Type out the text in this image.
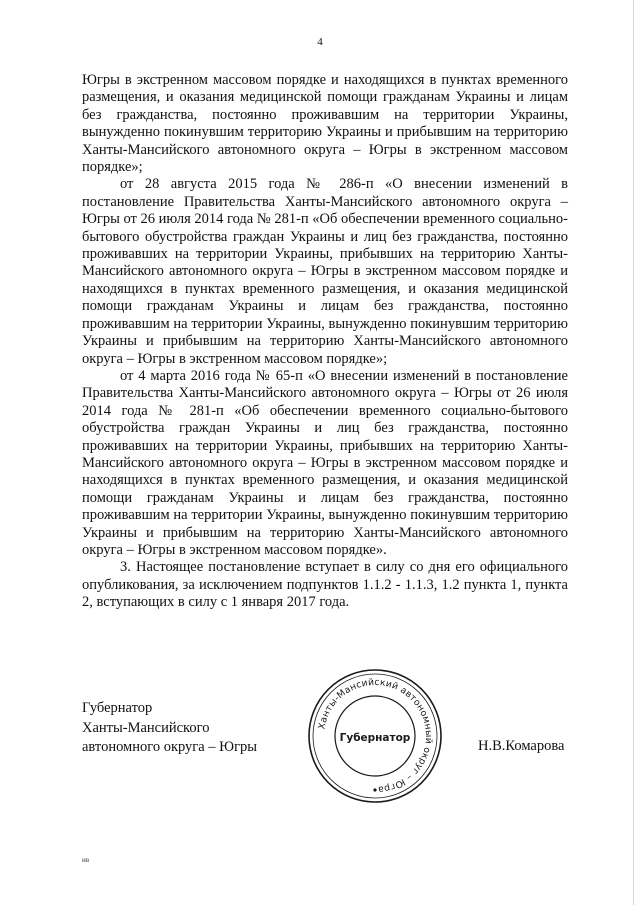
4

Югры в экстренном массовом порядке и находящихся в пунктах временного размещения, и оказания медицинской помощи гражданам Украины и лицам без гражданства, постоянно проживавшим на территории Украины, вынужденно покинувшим территорию Украины и прибывшим на территорию Ханты-Мансийского автономного округа – Югры в экстренном массовом порядке»;

от 28 августа 2015 года № 286-п «О внесении изменений в постановление Правительства Ханты-Мансийского автономного округа – Югры от 26 июля 2014 года № 281-п «Об обеспечении временного социально-бытового обустройства граждан Украины и лиц без гражданства, постоянно проживавших на территории Украины, прибывших на территорию Ханты-Мансийского автономного округа – Югры в экстренном массовом порядке и находящихся в пунктах временного размещения, и оказания медицинской помощи гражданам Украины и лицам без гражданства, постоянно проживавшим на территории Украины, вынужденно покинувшим территорию Украины и прибывшим на территорию Ханты-Мансийского автономного округа – Югры в экстренном массовом порядке»;

от 4 марта 2016 года № 65-п «О внесении изменений в постановление Правительства Ханты-Мансийского автономного округа – Югры от 26 июля 2014 года № 281-п «Об обеспечении временного социально-бытового обустройства граждан Украины и лиц без гражданства, постоянно проживавших на территории Украины, прибывших на территорию Ханты-Мансийского автономного округа – Югры в экстренном массовом порядке и находящихся в пунктах временного размещения, и оказания медицинской помощи гражданам Украины и лицам без гражданства, постоянно проживавшим на территории Украины, вынужденно покинувшим территорию Украины и прибывшим на территорию Ханты-Мансийского автономного округа – Югры в экстренном массовом порядке».

3. Настоящее постановление вступает в силу со дня его официального опубликования, за исключением подпунктов 1.1.2 - 1.1.3, 1.2 пункта 1, пункта 2, вступающих в силу с 1 января 2017 года.

Губернатор
Ханты-Мансийского
автономного округа – Югры
Ханты-Мансийский автономный округ – Югра
Губернатор	Н.В.Комарова
ив
